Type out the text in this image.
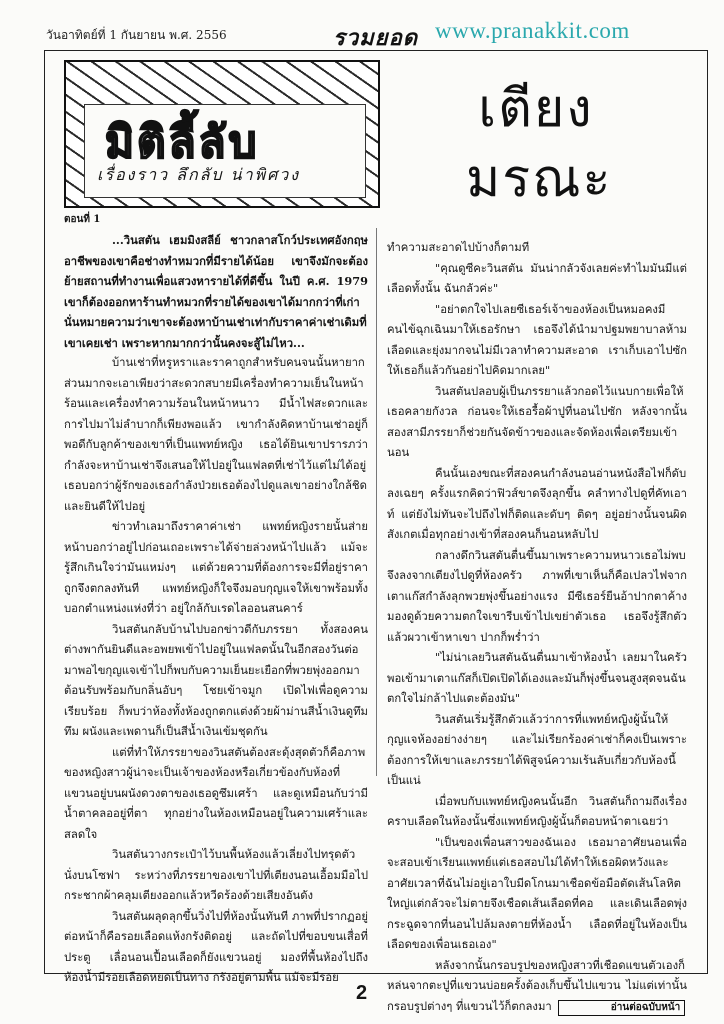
วันอาทิตย์ที่ 1 กันยายน พ.ศ. 2556	รวมยอด www.pranakkit.com
มิติลี้ลับ
เรื่องราว ลึกลับ น่าพิศวง
เตียง
มรณะ
ตอนที่ 1

...วินสตัน เฮมมิงสลีย์ ชาวกลาสโกว์ประเทศอังกฤษ อาชีพของเขาคือช่างทำหมวกที่มีรายได้น้อย เขาจึงมักจะต้องย้ายสถานที่ทำงานเพื่อแสวงหารายได้ที่ดีขึ้น ในปี ค.ศ. 1979 เขาก็ต้องออกหาร้านทำหมวกที่รายได้ของเขาได้มากกว่าที่เก่า นั่นหมายความว่าเขาจะต้องหาบ้านเช่าเท่ากับราคาค่าเช่าเดิมที่เขาเคยเช่า เพราะหากมากกว่านั้นคงจะสู้ไม่ไหว...

บ้านเช่าที่หรูหราและราคาถูกสำหรับคนจนนั้นหายากส่วนมากจะเอาเพียงว่าสะดวกสบายมีเครื่องทำความเย็นในหน้าร้อนและเครื่องทำความร้อนในหน้าหนาว มีน้ำไฟสะดวกและการไปมาไม่ลำบากก็เพียงพอแล้ว เขากำลังคิดหาบ้านเช่าอยู่ก็พอดีกับลูกค้าของเขาที่เป็นแพทย์หญิง เธอได้ยินเขาปรารภว่ากำลังจะหาบ้านเช่าจึงเสนอให้ไปอยู่ในแฟลตที่เช่าไว้แต่ไม่ได้อยู่ เธอบอกว่าผู้รักของเธอกำลังป่วยเธอต้องไปดูแลเขาอย่างใกล้ชิดและยินดีให้ไปอยู่

ข่าวทำเลมาถึงราคาค่าเช่า แพทย์หญิงรายนั้นส่ายหน้าบอกว่าอยู่ไปก่อนเถอะเพราะได้จ่ายล่วงหน้าไปแล้ว แม้จะรู้สึกเกินใจว่ามันแหม่งๆ แต่ด้วยความที่ต้องการจะมีที่อยู่ราคาถูกจึงตกลงทันที แพทย์หญิงก็ใจจึงมอบกุญแจให้เขาพร้อมทั้งบอกตำแหน่งแห่งที่ว่า อยู่ใกล้กับเรดไลออนสนคาร์

วินสตันกลับบ้านไปบอกข่าวดีกับภรรยา ทั้งสองคนต่างพากันยินดีและอพยพเข้าไปอยู่ในแฟลตนั้นในอีกสองวันต่อมาพอไขกุญแจเข้าไปก็พบกับความเย็นยะเยือกที่พวยพุ่งออกมาต้อนรับพร้อมกับกลิ่นอับๆ โชยเข้าจมูก เปิดไฟเพื่อดูความเรียบร้อย ก็พบว่าห้องทั้งห้องถูกตกแต่งด้วยผ้าม่านสีน้ำเงินดูทึมทึม ผนังและเพดานก็เป็นสีน้ำเงินเข้มชุดกัน

แต่ที่ทำให้ภรรยาของวินสตันต้องสะดุ้งสุดตัวก็คือภาพของหญิงสาวผู้น่าจะเป็นเจ้าของห้องหรือเกี่ยวข้องกับห้องที่แขวนอยู่บนผนังดวงตาของเธอดูซึมเศร้า และดูเหมือนกับว่ามีน้ำตาคลออยู่ที่ตา ทุกอย่างในห้องเหมือนอยู่ในความเศร้าและสลดใจ

วินสตันวางกระเป๋าไว้บนพื้นห้องแล้วเลี่ยงไปทรุดตัวนั่งบนโซฟา ระหว่างที่ภรรยาของเขาไปที่เตียงนอนเอื้อมมือไปกระชากผ้าคลุมเตียงออกแล้วหวีดร้องด้วยเสียงอันดัง

วินสตันผลุดลุกขึ้นวิ่งไปที่ห้องนั้นทันที ภาพที่ปรากฏอยู่ต่อหน้าก็คือรอยเลือดแห้งกรังติดอยู่ และถัดไปที่ขอบขนเสื่อที่ประตู เลื่อนอนเปื้อนเลือดก็ยังแขวนอยู่ มองที่พื้นห้องไปถึงห้องน้ำมีรอยเลือดหยดเป็นทาง กรังอยู่ตามพื้น แม้จะมีรอย

ทำความสะอาดไปบ้างก็ตามที

"คุณดูซีคะวินสตัน มันน่ากลัวจังเลยค่ะทำไมมันมีแต่เลือดทั้งนั้น ฉันกลัวค่ะ"

"อย่าตกใจไปเลยซีเธอร์เจ้าของห้องเป็นหมอคงมีคนไข้ฉุกเฉินมาให้เธอรักษา เธอจึงได้นำมาปฐมพยาบาลห้ามเลือดและยุ่งมากจนไม่มีเวลาทำความสะอาด เราเก็บเอาไปซักให้เธอก็แล้วกันอย่าไปคิดมากเลย"

วินสตันปลอบผู้เป็นภรรยาแล้วกอดไว้แนบกายเพื่อให้เธอคลายกังวล ก่อนจะให้เธอรื้อผ้าปูที่นอนไปซัก หลังจากนั้นสองสามีภรรยาก็ช่วยกันจัดข้าวของและจัดห้องเพื่อเตรียมเข้านอน

คืนนั้นเองขณะที่สองคนกำลังนอนอ่านหนังสือไฟก็ดับลงเฉยๆ ครั้งแรกคิดว่าฟิวส์ขาดจึงลุกขึ้น คลำทางไปดูที่คัทเอาท์ แต่ยังไม่ทันจะไปถึงไฟก็ติดและดับๆ ติดๆ อยู่อย่างนั้นจนผิดสังเกตเมื่อทุกอย่างเข้าที่สองคนก็นอนหลับไป

กลางดึกวินสตันตื่นขึ้นมาเพราะความหนาวเธอไม่พบ จึงลงจากเตียงไปดูที่ห้องครัว ภาพที่เขาเห็นก็คือเปลวไฟจากเตาแก๊สกำลังลุกพวยพุ่งขึ้นอย่างแรง มีซีเธอร์ยืนอ้าปากตาค้างมองดูด้วยความตกใจเขารีบเข้าไปเขย่าตัวเธอ เธอจึงรู้สึกตัวแล้วผวาเข้าหาเขา ปากก็พร่ำว่า

"ไม่น่าเลยวินสตันฉันตื่นมาเข้าห้องน้ำ เลยมาในครัวพอเข้ามาเตาแก๊สก็เปิดเปิดได้เองและมันก็พุ่งขึ้นจนสูงสุดจนฉันตกใจไม่กล้าไปแตะต้องมัน"

วินสตันเริ่มรู้สึกตัวแล้วว่าการที่แพทย์หญิงผู้นั้นให้กุญแจห้องอย่างง่ายๆ และไม่เรียกร้องค่าเช่าก็คงเป็นเพราะต้องการให้เขาและภรรยาได้พิสูจน์ความเร้นลับเกี่ยวกับห้องนี้เป็นแน่

เมื่อพบกับแพทย์หญิงคนนั้นอีก วินสตันก็ถามถึงเรื่องคราบเลือดในห้องนั้นซึ่งแพทย์หญิงผู้นั้นก็ตอบหน้าตาเฉยว่า

"เป็นของเพื่อนสาวของฉันเอง เธอมาอาศัยนอนเพื่อจะสอบเข้าเรียนแพทย์แต่เธอสอบไม่ได้ทำให้เธอผิดหวังและอาศัยเวลาที่ฉันไม่อยู่เอาใบมีดโกนมาเชือดข้อมือตัดเส้นโลหิตใหญ่แต่กลัวจะไม่ตายจึงเชือดเส้นเลือดที่คอ และเดินเลือดพุ่งกระฉูดจากที่นอนไปล้มลงตายที่ห้องน้ำ เลือดที่อยู่ในห้องเป็นเลือดของเพื่อนเธอเอง"

หลังจากนั้นกรอบรูปของหญิงสาวที่เชือดแขนตัวเองก็หล่นจากตะปูที่แขวนบ่อยครั้งต้องเก็บขึ้นไปแขวน ไม่แต่เท่านั้นกรอบรูปต่างๆ ที่แขวนไว้ก็ตกลงมา	อ่านต่อฉบับหน้า

2
